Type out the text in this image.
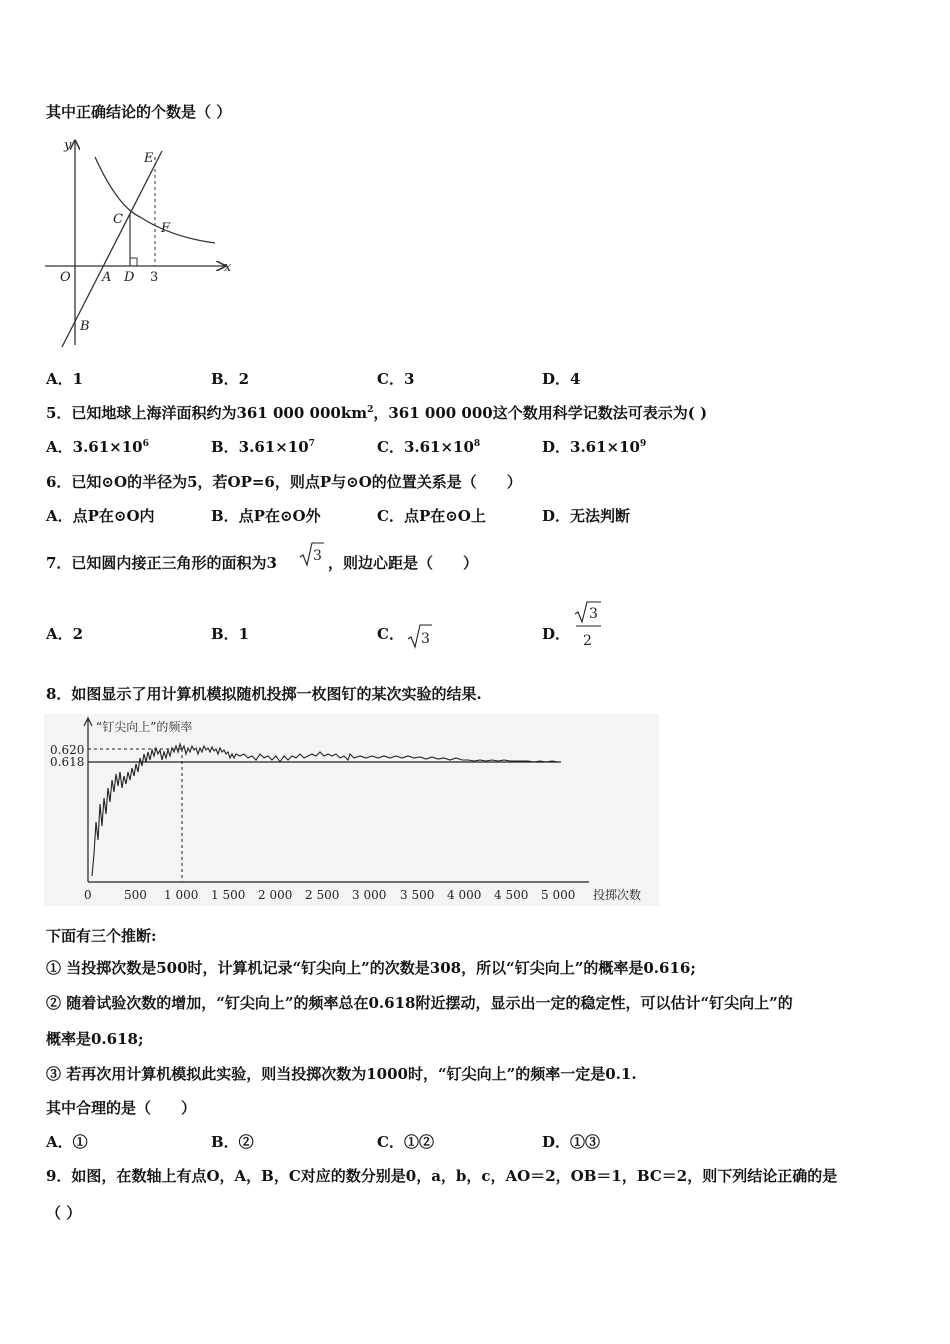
其中正确结论的个数是（ ）
y
x
O A
B
C
D
E
F
3
A．1	B．2	C．3	D．4
5．已知地球上海洋面积约为361 000 $000km^2$，361 000 000这个数用科学记数法可表示为( )
A．$3.61\times 10^6$	B．$3.61\times 10^7$	C．$3.61\times 10^8$	D．$3.61\times 10^9$
6．已知⊙O的半径为5，若OP=6，则点P与⊙O的位置关系是（　　）
A．点P在⊙O内	B．点P在⊙O外	C．点P在⊙O上	D．无法判断
7．已知圆内接正三角形的面积为3	3 ，则边心距是（　　）
A．2	B．1	C． 3	D．
3
2
8．如图显示了用计算机模拟随机投掷一枚图钉的某次实验的结果.
“钉尖向上”的频率
0.620
0.618
0	500 1 000 1 500 2 000 2 500 3 000 3 500 4 000 4 500 5 000 投掷次数
下面有三个推断:
① 当投掷次数是500时，计算机记录“钉尖向上”的次数是308，所以“钉尖向上”的概率是0.616;
② 随着试验次数的增加，“钉尖向上”的频率总在0.618附近摆动，显示出一定的稳定性，可以估计“钉尖向上”的
概率是0.618;
③ 若再次用计算机模拟此实验，则当投掷次数为1000时，“钉尖向上”的频率一定是0.1.
其中合理的是（　　）
A．①	B．②	C．①②	D．①③
9．如图，在数轴上有点O，A，B，C对应的数分别是0，a，b，c，AO＝2，OB＝1，BC＝2，则下列结论正确的是
（ ）
